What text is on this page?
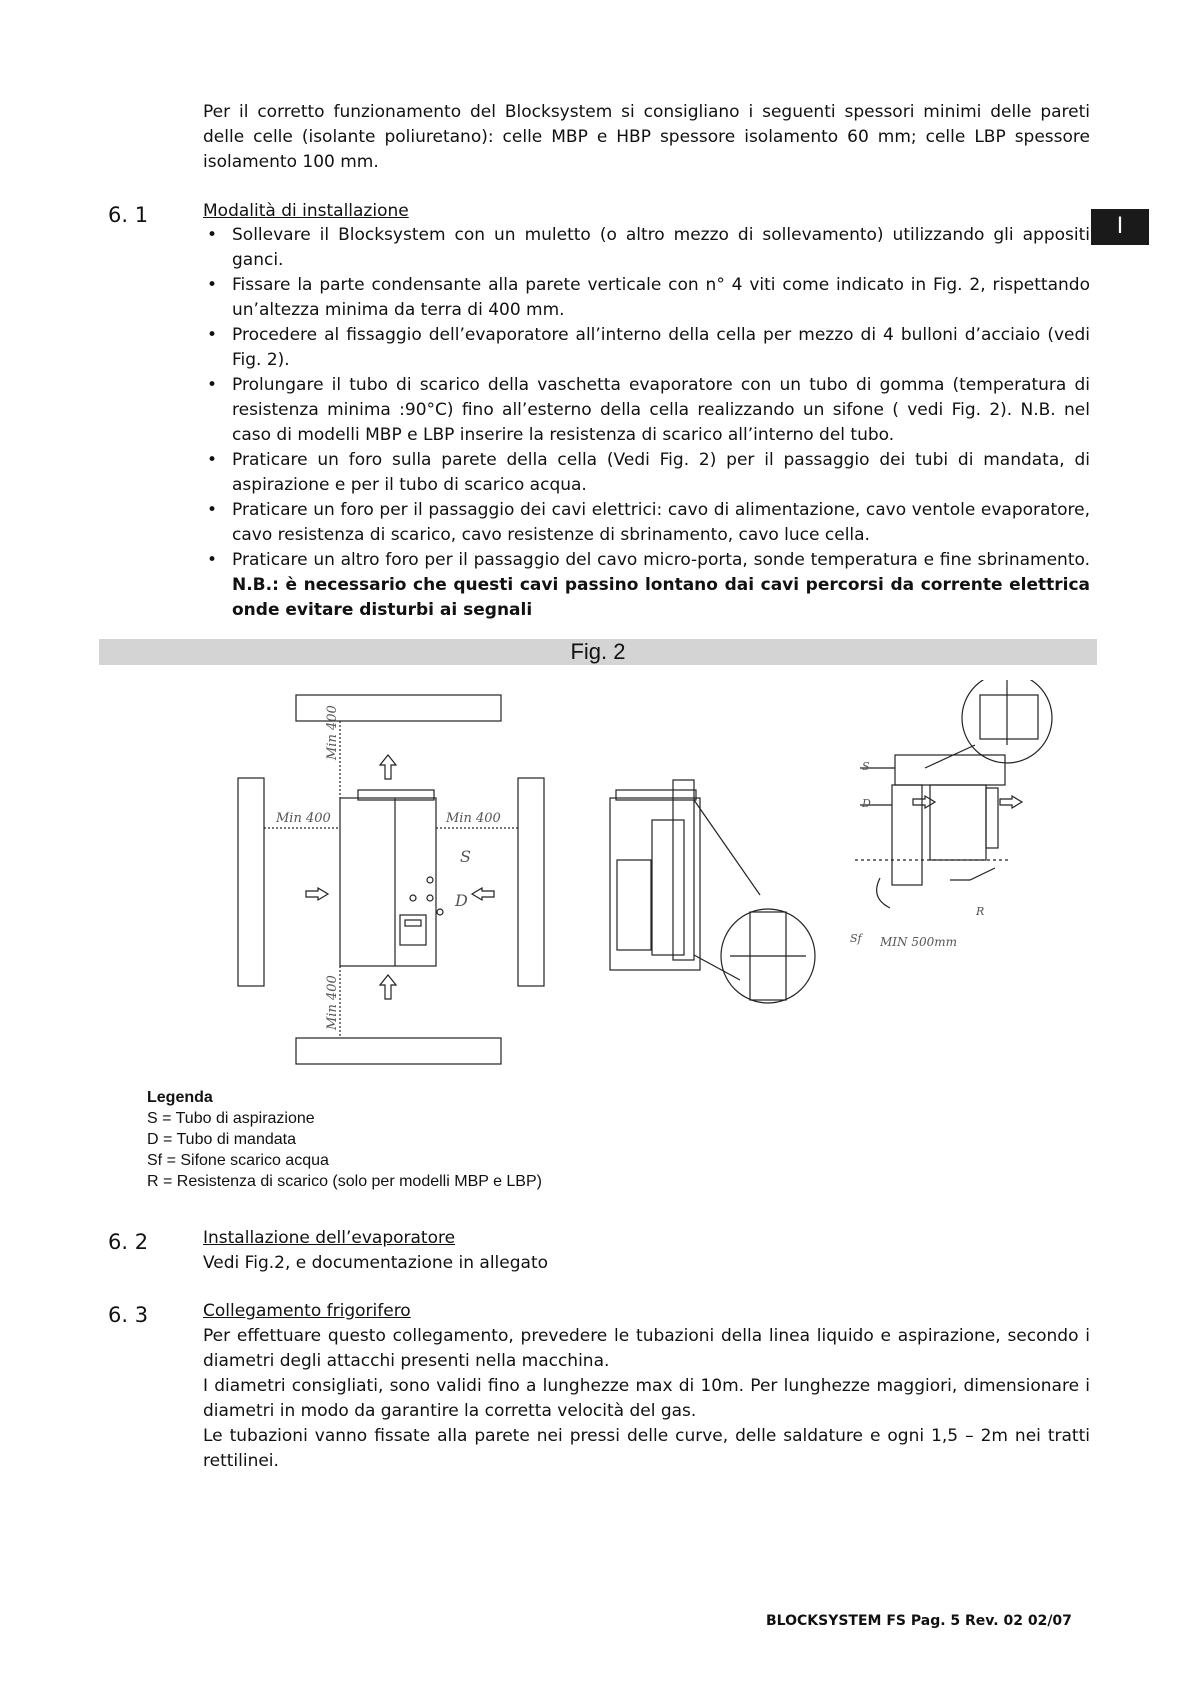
Per il corretto funzionamento del Blocksystem si consigliano i seguenti spessori minimi delle pareti delle celle (isolante poliuretano): celle MBP e HBP spessore isolamento 60 mm; celle LBP spessore isolamento 100 mm.
I
6. 1	Modalità di installazione
• Sollevare il Blocksystem con un muletto (o altro mezzo di sollevamento) utilizzando gli appositi ganci.
• Fissare la parte condensante alla parete verticale con n° 4 viti come indicato in Fig. 2, rispettando un’altezza minima da terra di 400 mm.
• Procedere al fissaggio dell’evaporatore all’interno della cella per mezzo di 4 bulloni d’acciaio (vedi Fig. 2).
• Prolungare il tubo di scarico della vaschetta evaporatore con un tubo di gomma (temperatura di resistenza minima :90°C) fino all’esterno della cella realizzando un sifone ( vedi Fig. 2). N.B. nel caso di modelli MBP e LBP inserire la resistenza di scarico all’interno del tubo.
• Praticare un foro sulla parete della cella (Vedi Fig. 2) per il passaggio dei tubi di mandata, di aspirazione e per il tubo di scarico acqua.
• Praticare un foro per il passaggio dei cavi elettrici: cavo di alimentazione, cavo ventole evaporatore, cavo resistenza di scarico, cavo resistenze di sbrinamento, cavo luce cella.
• Praticare un altro foro per il passaggio del cavo micro-porta, sonde temperatura e fine sbrinamento. N.B.: è necessario che questi cavi passino lontano dai cavi percorsi da corrente elettrica onde evitare disturbi ai segnali
Fig. 2
Min 400
Min 400	Min 400
Min 400
S
D
S
D
Sf
R
MIN 500mm
Legenda
S = Tubo di aspirazione
D = Tubo di mandata
Sf = Sifone scarico acqua
R = Resistenza di scarico (solo per modelli MBP e LBP)
6. 2	Installazione dell’evaporatore
Vedi Fig.2, e documentazione in allegato
6. 3	Collegamento frigorifero
Per effettuare questo collegamento, prevedere le tubazioni della linea liquido e aspirazione, secondo i diametri degli attacchi presenti nella macchina.
I diametri consigliati, sono validi fino a lunghezze max di 10m. Per lunghezze maggiori, dimensionare i diametri in modo da garantire la corretta velocità del gas.
Le tubazioni vanno fissate alla parete nei pressi delle curve, delle saldature e ogni 1,5 – 2m nei tratti rettilinei.
BLOCKSYSTEM FS Pag. 5 Rev. 02 02/07
